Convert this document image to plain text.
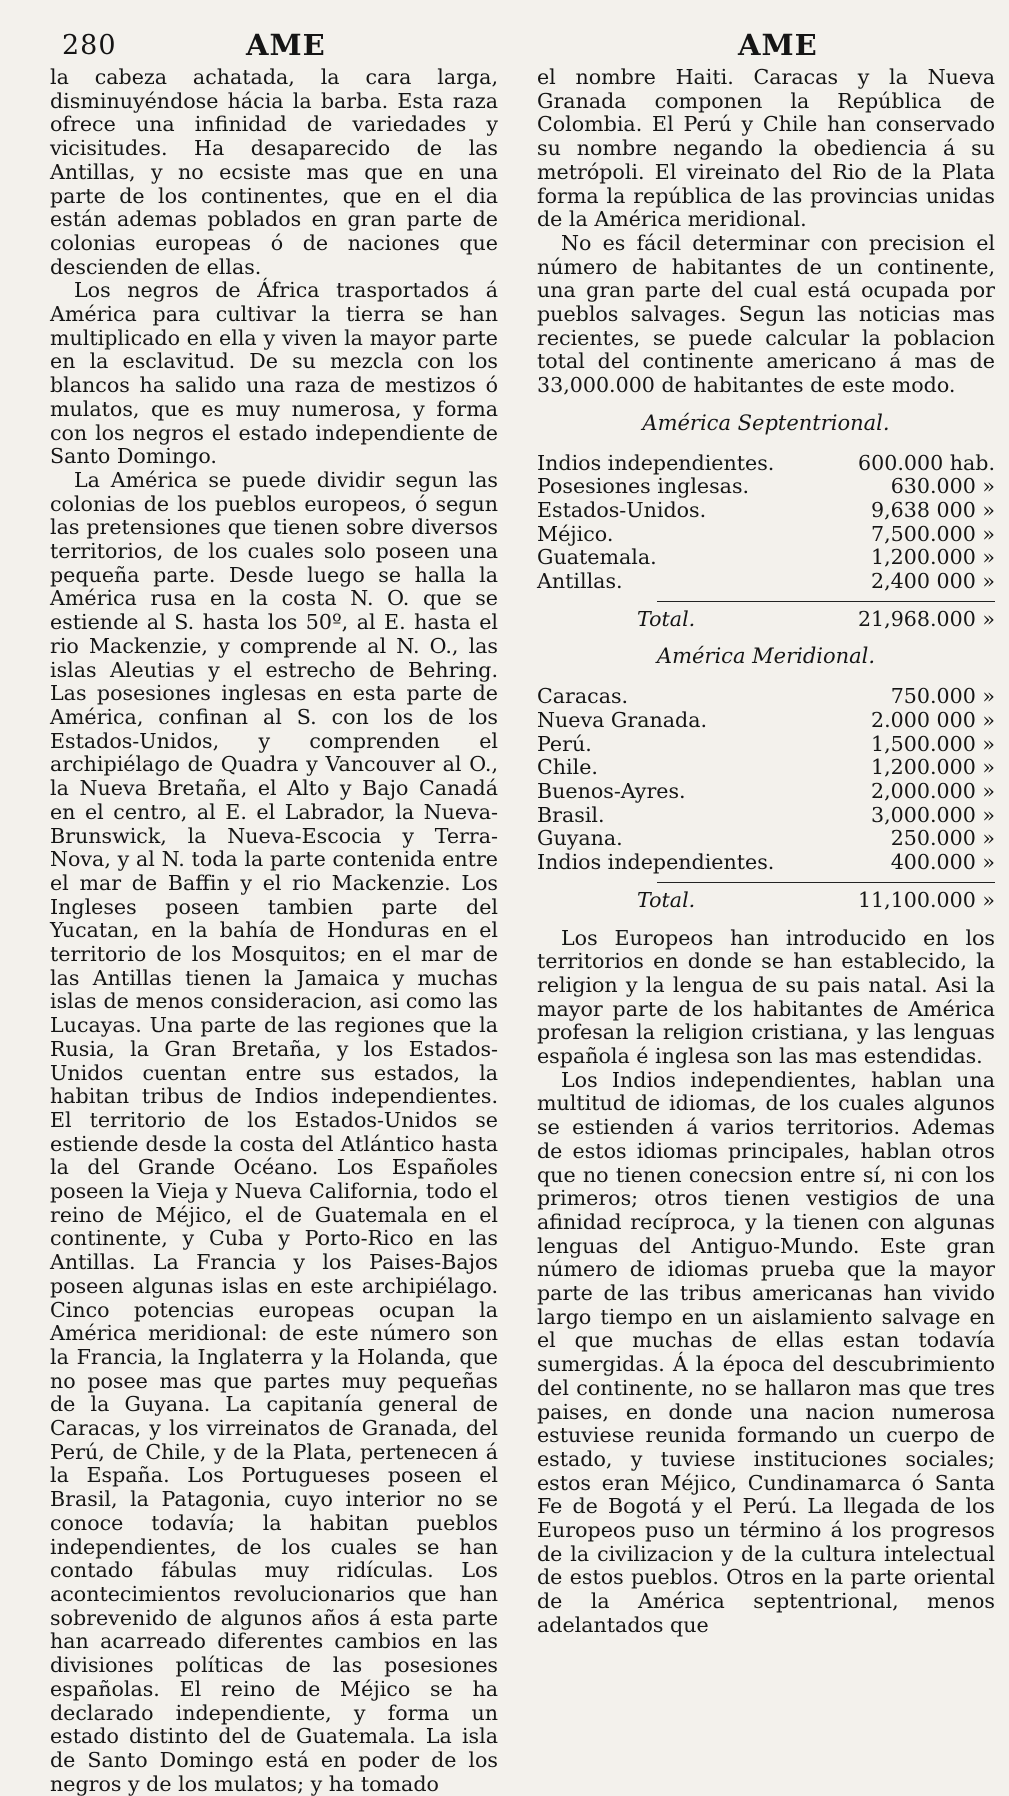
280	AME	AME

la cabeza achatada, la cara larga, disminuyéndose hácia la barba. Esta raza ofrece una infinidad de variedades y vicisitudes. Ha desaparecido de las Antillas, y no ecsiste mas que en una parte de los continentes, que en el dia están ademas poblados en gran parte de colonias europeas ó de naciones que descienden de ellas.

Los negros de África trasportados á América para cultivar la tierra se han multiplicado en ella y viven la mayor parte en la esclavitud. De su mezcla con los blancos ha salido una raza de mestizos ó mulatos, que es muy numerosa, y forma con los negros el estado independiente de Santo Domingo.

La América se puede dividir segun las colonias de los pueblos europeos, ó segun las pretensiones que tienen sobre diversos territorios, de los cuales solo poseen una pequeña parte. Desde luego se halla la América rusa en la costa N. O. que se estiende al S. hasta los 50º, al E. hasta el rio Mackenzie, y comprende al N. O., las islas Aleutias y el estrecho de Behring. Las posesiones inglesas en esta parte de América, confinan al S. con los de los Estados-Unidos, y comprenden el archipiélago de Quadra y Vancouver al O., la Nueva Bretaña, el Alto y Bajo Canadá en el centro, al E. el Labrador, la Nueva-Brunswick, la Nueva-Escocia y Terra-Nova, y al N. toda la parte contenida entre el mar de Baffin y el rio Mackenzie. Los Ingleses poseen tambien parte del Yucatan, en la bahía de Honduras en el territorio de los Mosquitos; en el mar de las Antillas tienen la Jamaica y muchas islas de menos consideracion, asi como las Lucayas. Una parte de las regiones que la Rusia, la Gran Bretaña, y los Estados-Unidos cuentan entre sus estados, la habitan tribus de Indios independientes. El territorio de los Estados-Unidos se estiende desde la costa del Atlántico hasta la del Grande Océano. Los Españoles poseen la Vieja y Nueva California, todo el reino de Méjico, el de Guatemala en el continente, y Cuba y Porto-Rico en las Antillas. La Francia y los Paises-Bajos poseen algunas islas en este archipiélago. Cinco potencias europeas ocupan la América meridional: de este número son la Francia, la Inglaterra y la Holanda, que no posee mas que partes muy pequeñas de la Guyana. La capitanía general de Caracas, y los virreinatos de Granada, del Perú, de Chile, y de la Plata, pertenecen á la España. Los Portugueses poseen el Brasil, la Patagonia, cuyo interior no se conoce todavía; la habitan pueblos independientes, de los cuales se han contado fábulas muy ridículas. Los acontecimientos revolucionarios que han sobrevenido de algunos años á esta parte han acarreado diferentes cambios en las divisiones políticas de las posesiones españolas. El reino de Méjico se ha declarado independiente, y forma un estado distinto del de Guatemala. La isla de Santo Domingo está en poder de los negros y de los mulatos; y ha tomado

el nombre Haiti. Caracas y la Nueva Granada componen la República de Colombia. El Perú y Chile han conservado su nombre negando la obediencia á su metrópoli. El vireinato del Rio de la Plata forma la república de las provincias unidas de la América meridional.

No es fácil determinar con precision el número de habitantes de un continente, una gran parte del cual está ocupada por pueblos salvages. Segun las noticias mas recientes, se puede calcular la poblacion total del continente americano á mas de 33,000.000 de habitantes de este modo.

América Septentrional.
Indios independientes.	600.000 hab.
Posesiones inglesas.	630.000 »
Estados-Unidos.	9,638 000 »
Méjico.	7,500.000 »
Guatemala.	1,200.000 »
Antillas.	2,400 000 »
Total.	21,968.000 »
América Meridional.
Caracas.	750.000 »
Nueva Granada.	2.000 000 »
Perú.	1,500.000 »
Chile.	1,200.000 »
Buenos-Ayres.	2,000.000 »
Brasil.	3,000.000 »
Guyana.	250.000 »
Indios independientes.	400.000 »
Total.	11,100.000 »

Los Europeos han introducido en los territorios en donde se han establecido, la religion y la lengua de su pais natal. Asi la mayor parte de los habitantes de América profesan la religion cristiana, y las lenguas española é inglesa son las mas estendidas.

Los Indios independientes, hablan una multitud de idiomas, de los cuales algunos se estienden á varios territorios. Ademas de estos idiomas principales, hablan otros que no tienen conecsion entre sí, ni con los primeros; otros tienen vestigios de una afinidad recíproca, y la tienen con algunas lenguas del Antiguo-Mundo. Este gran número de idiomas prueba que la mayor parte de las tribus americanas han vivido largo tiempo en un aislamiento salvage en el que muchas de ellas estan todavía sumergidas. Á la época del descubrimiento del continente, no se hallaron mas que tres paises, en donde una nacion numerosa estuviese reunida formando un cuerpo de estado, y tuviese instituciones sociales; estos eran Méjico, Cundinamarca ó Santa Fe de Bogotá y el Perú. La llegada de los Europeos puso un término á los progresos de la civilizacion y de la cultura intelectual de estos pueblos. Otros en la parte oriental de la América septentrional, menos adelantados que
